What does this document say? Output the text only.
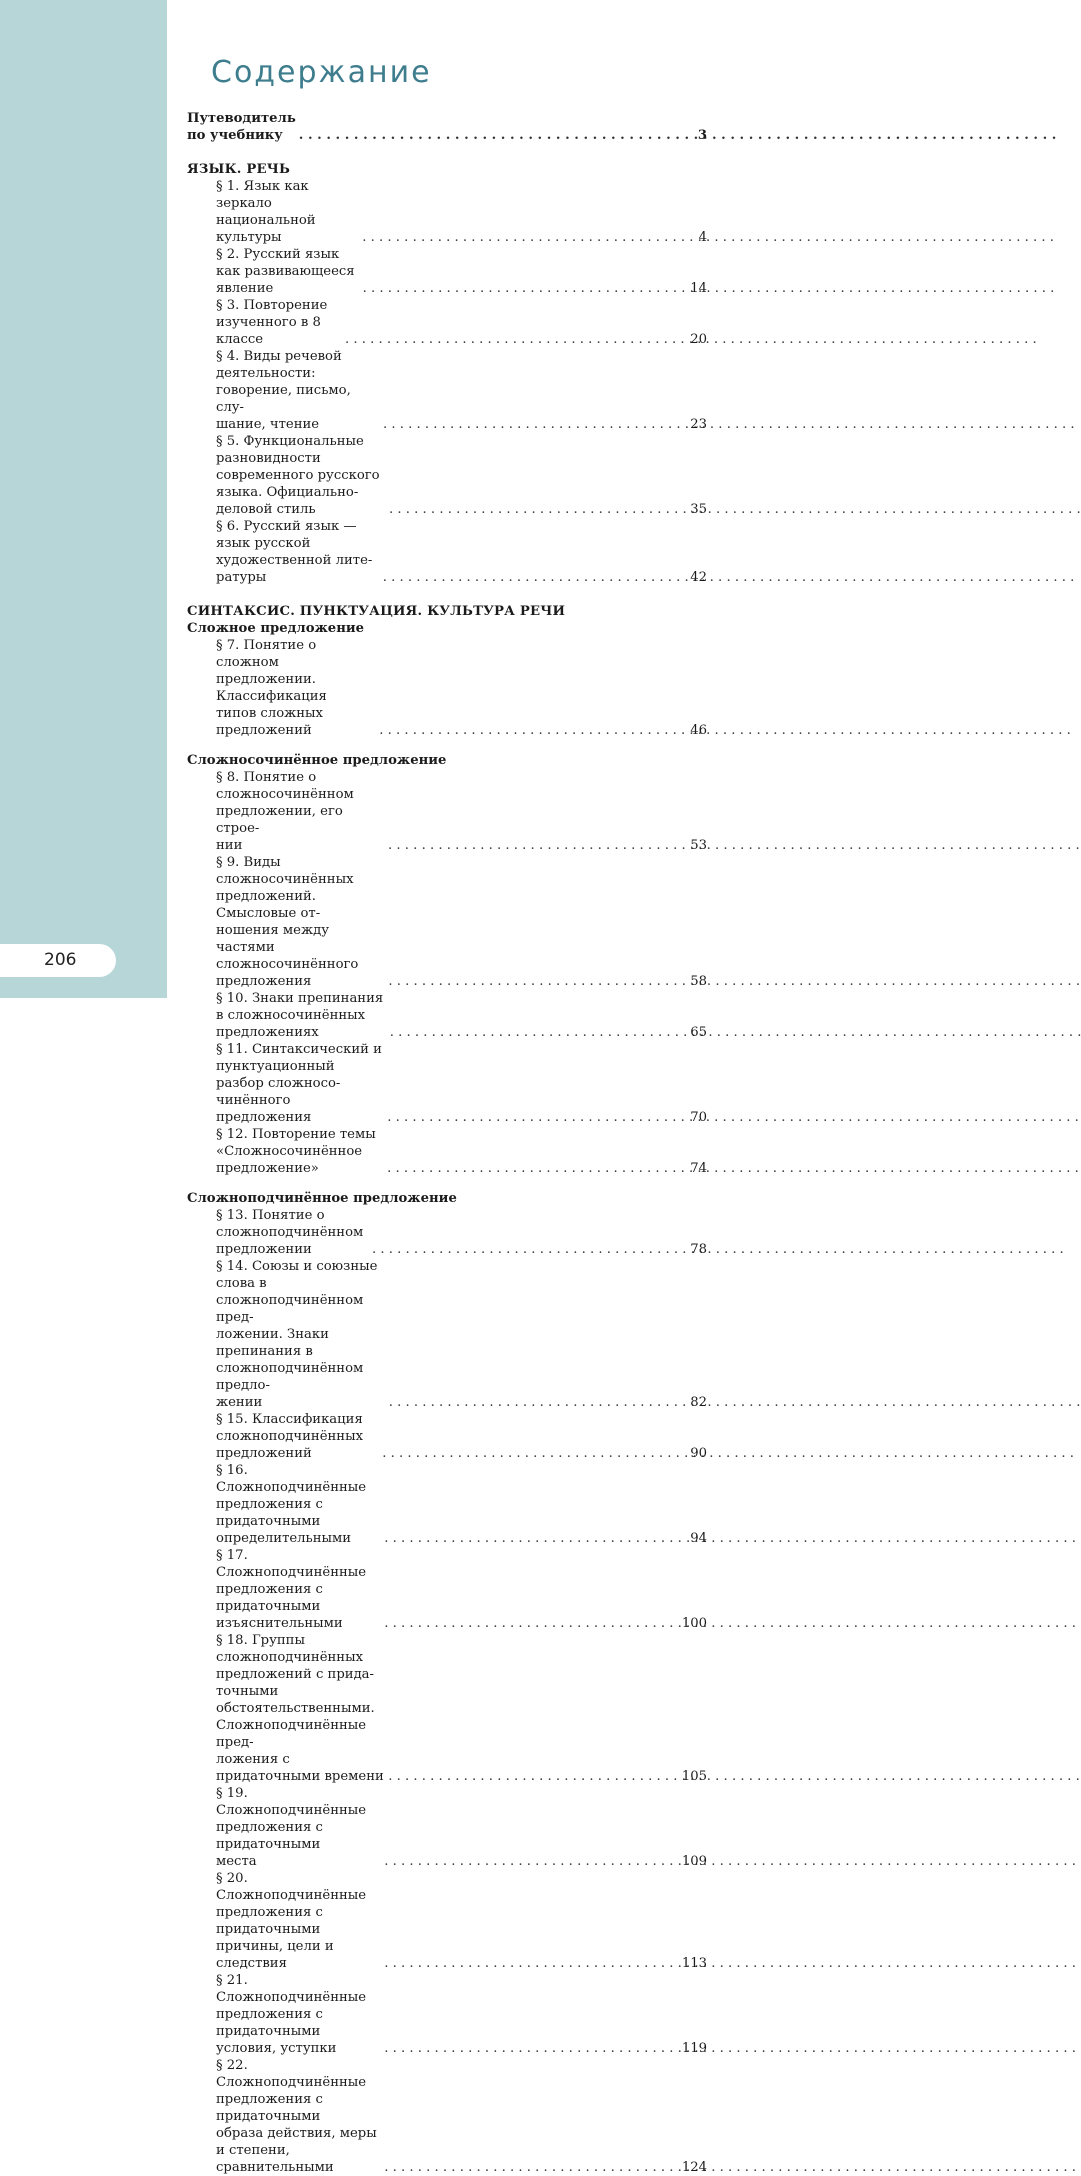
206
Содержание
Путеводитель по учебнику . . .	3
ЯЗЫК. РЕЧЬ
§ 1. Язык как зеркало национальной культуры . . .	4
§ 2. Русский язык как развивающееся явление . . .	14
§ 3. Повторение изученного в 8 классе . . .	20
§ 4. Виды речевой деятельности: говорение, письмо, слу-
шание, чтение . . .	23
§ 5. Функциональные разновидности современного русского
языка. Официально-деловой стиль . . .	35
§ 6. Русский язык — язык русской художественной лите-
ратуры . . .	42
СИНТАКСИС. ПУНКТУАЦИЯ. КУЛЬТУРА РЕЧИ
Сложное предложение
§ 7. Понятие о сложном предложении. Классификация
типов сложных предложений . . .	46
Сложносочинённое предложение
§ 8. Понятие о сложносочинённом предложении, его строе-
нии . . .	53
§ 9. Виды сложносочинённых предложений. Смысловые от-
ношения между частями сложносочинённого предложения . . .	58
§ 10. Знаки препинания в сложносочинённых предложениях . . .	65
§ 11. Синтаксический и пунктуационный разбор сложносо-
чинённого предложения . . .	70
§ 12. Повторение темы «Сложносочинённое предложение» . . .	74
Сложноподчинённое предложение
§ 13. Понятие о сложноподчинённом предложении . . .	78
§ 14. Союзы и союзные слова в сложноподчинённом пред-
ложении. Знаки препинания в сложноподчинённом предло-
жении . . .	82
§ 15. Классификация сложноподчинённых предложений . . .	90
§ 16. Сложноподчинённые предложения с придаточными
определительными . . .	94
§ 17. Сложноподчинённые предложения с придаточными
изъяснительными . . .	100
§ 18. Группы сложноподчинённых предложений с прида-
точными обстоятельственными. Сложноподчинённые пред-
ложения с придаточными времени . . .	105
§ 19. Сложноподчинённые предложения с придаточными
места . . .	109
§ 20. Сложноподчинённые предложения с придаточными
причины, цели и следствия . . .	113
§ 21. Сложноподчинённые предложения с придаточными
условия, уступки . . .	119
§ 22. Сложноподчинённые предложения с придаточными
образа действия, меры и степени, сравнительными . . .	124
